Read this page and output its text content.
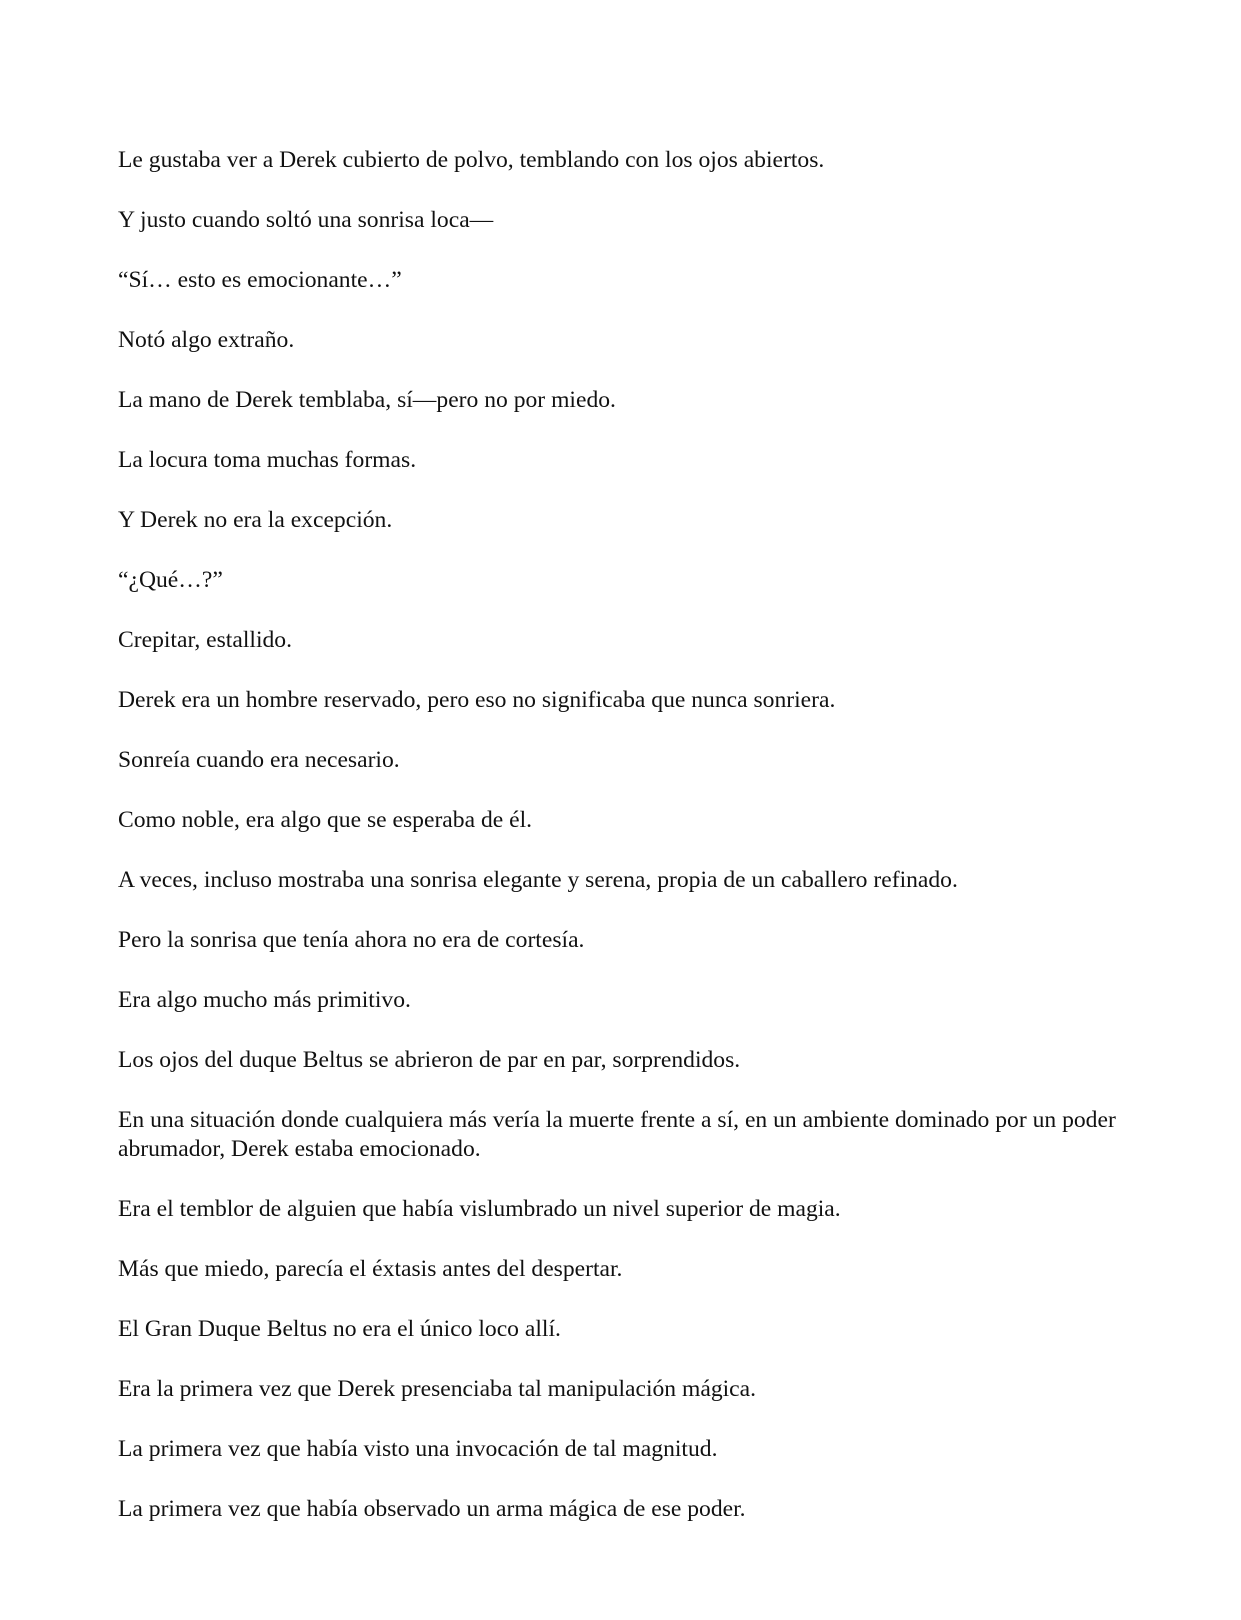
Le gustaba ver a Derek cubierto de polvo, temblando con los ojos abiertos.

Y justo cuando soltó una sonrisa loca—

“Sí… esto es emocionante…”

Notó algo extraño.

La mano de Derek temblaba, sí—pero no por miedo.

La locura toma muchas formas.

Y Derek no era la excepción.

“¿Qué…?”

Crepitar, estallido.

Derek era un hombre reservado, pero eso no significaba que nunca sonriera.

Sonreía cuando era necesario.

Como noble, era algo que se esperaba de él.

A veces, incluso mostraba una sonrisa elegante y serena, propia de un caballero refinado.

Pero la sonrisa que tenía ahora no era de cortesía.

Era algo mucho más primitivo.

Los ojos del duque Beltus se abrieron de par en par, sorprendidos.

En una situación donde cualquiera más vería la muerte frente a sí, en un ambiente dominado por un poder abrumador, Derek estaba emocionado.

Era el temblor de alguien que había vislumbrado un nivel superior de magia.

Más que miedo, parecía el éxtasis antes del despertar.

El Gran Duque Beltus no era el único loco allí.

Era la primera vez que Derek presenciaba tal manipulación mágica.

La primera vez que había visto una invocación de tal magnitud.

La primera vez que había observado un arma mágica de ese poder.
